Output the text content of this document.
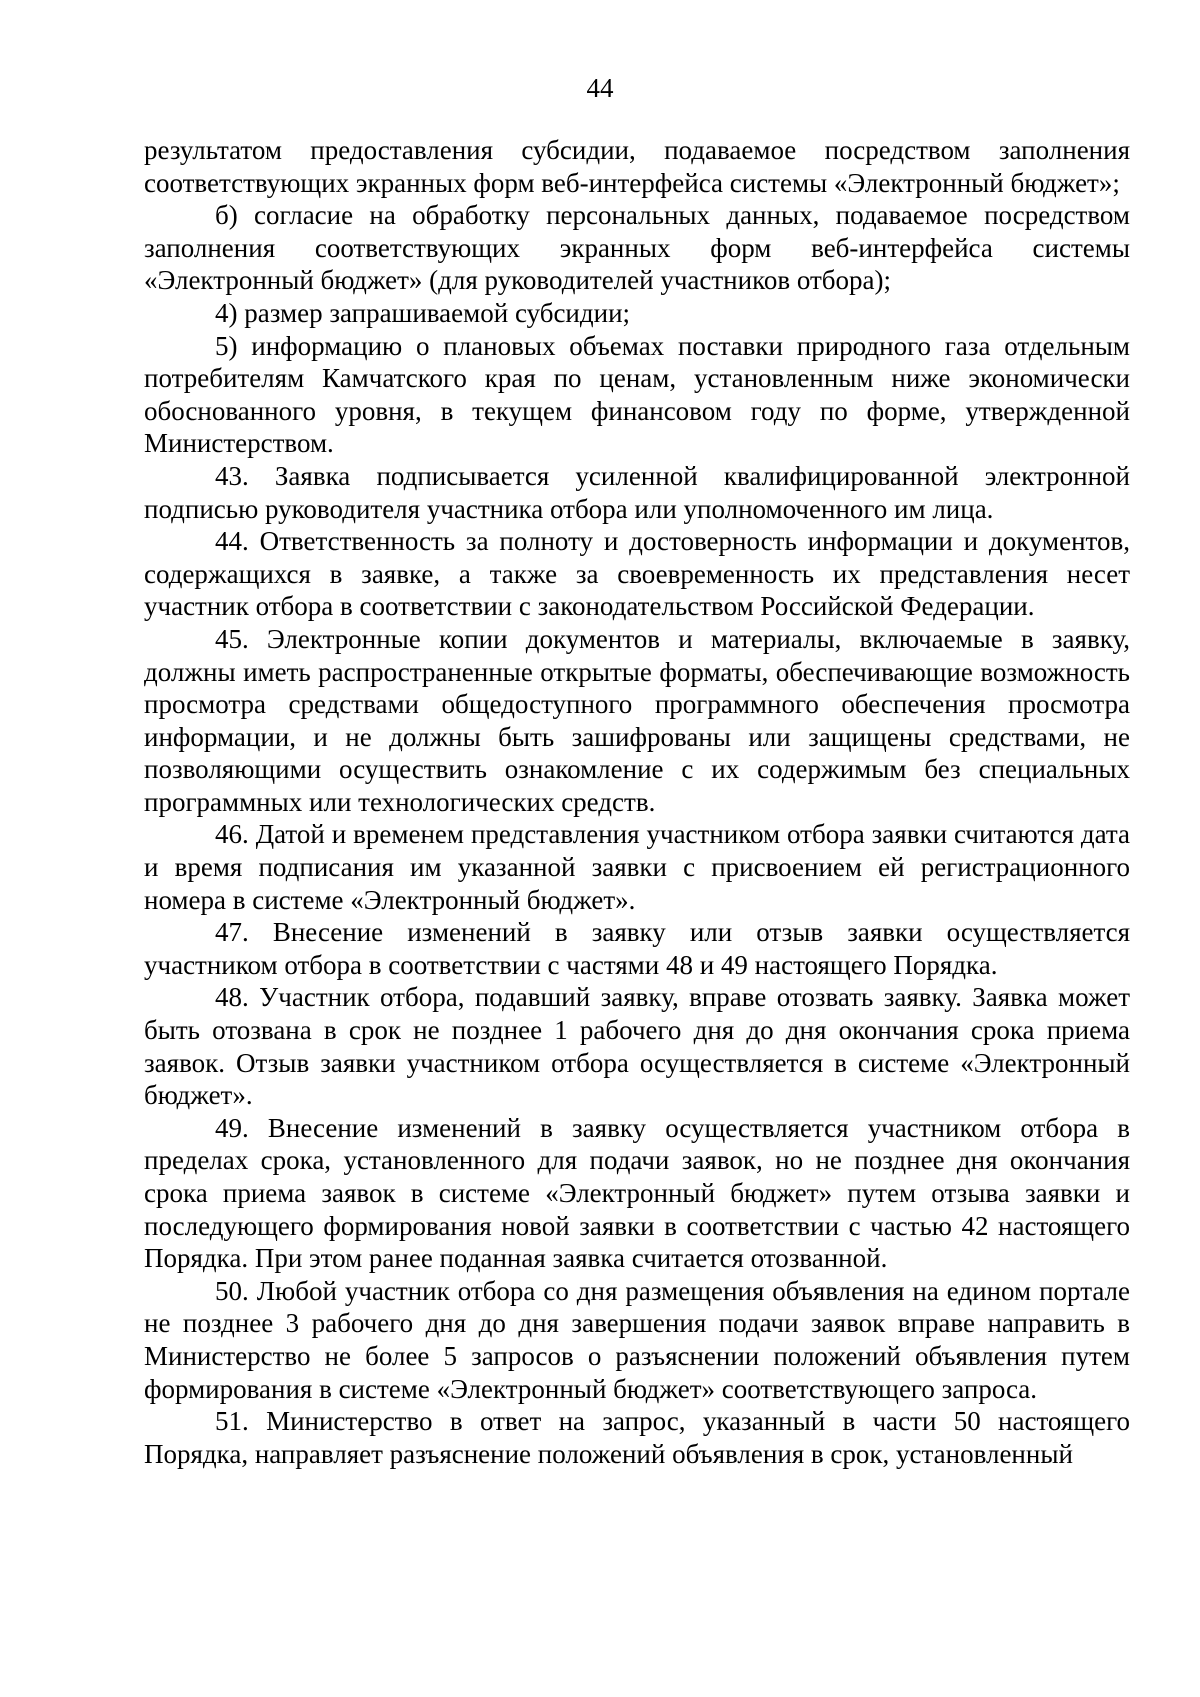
44

результатом предоставления субсидии, подаваемое посредством заполнения соответствующих экранных форм веб-интерфейса системы «Электронный бюджет»;

б) согласие на обработку персональных данных, подаваемое посредством заполнения соответствующих экранных форм веб-интерфейса системы «Электронный бюджет» (для руководителей участников отбора);

4) размер запрашиваемой субсидии;

5) информацию о плановых объемах поставки природного газа отдельным потребителям Камчатского края по ценам, установленным ниже экономически обоснованного уровня, в текущем финансовом году по форме, утвержденной Министерством.

43. Заявка подписывается усиленной квалифицированной электронной подписью руководителя участника отбора или уполномоченного им лица.

44. Ответственность за полноту и достоверность информации и документов, содержащихся в заявке, а также за своевременность их представления несет участник отбора в соответствии с законодательством Российской Федерации.

45. Электронные копии документов и материалы, включаемые в заявку, должны иметь распространенные открытые форматы, обеспечивающие возможность просмотра средствами общедоступного программного обеспечения просмотра информации, и не должны быть зашифрованы или защищены средствами, не позволяющими осуществить ознакомление с их содержимым без специальных программных или технологических средств.

46. Датой и временем представления участником отбора заявки считаются дата и время подписания им указанной заявки с присвоением ей регистрационного номера в системе «Электронный бюджет».

47. Внесение изменений в заявку или отзыв заявки осуществляется участником отбора в соответствии с частями 48 и 49 настоящего Порядка.

48. Участник отбора, подавший заявку, вправе отозвать заявку. Заявка может быть отозвана в срок не позднее 1 рабочего дня до дня окончания срока приема заявок. Отзыв заявки участником отбора осуществляется в системе «Электронный бюджет».

49. Внесение изменений в заявку осуществляется участником отбора в пределах срока, установленного для подачи заявок, но не позднее дня окончания срока приема заявок в системе «Электронный бюджет» путем отзыва заявки и последующего формирования новой заявки в соответствии с частью 42 настоящего Порядка. При этом ранее поданная заявка считается отозванной.

50. Любой участник отбора со дня размещения объявления на едином портале не позднее 3 рабочего дня до дня завершения подачи заявок вправе направить в Министерство не более 5 запросов о разъяснении положений объявления путем формирования в системе «Электронный бюджет» соответствующего запроса.

51. Министерство в ответ на запрос, указанный в части 50 настоящего Порядка, направляет разъяснение положений объявления в срок, установленный
